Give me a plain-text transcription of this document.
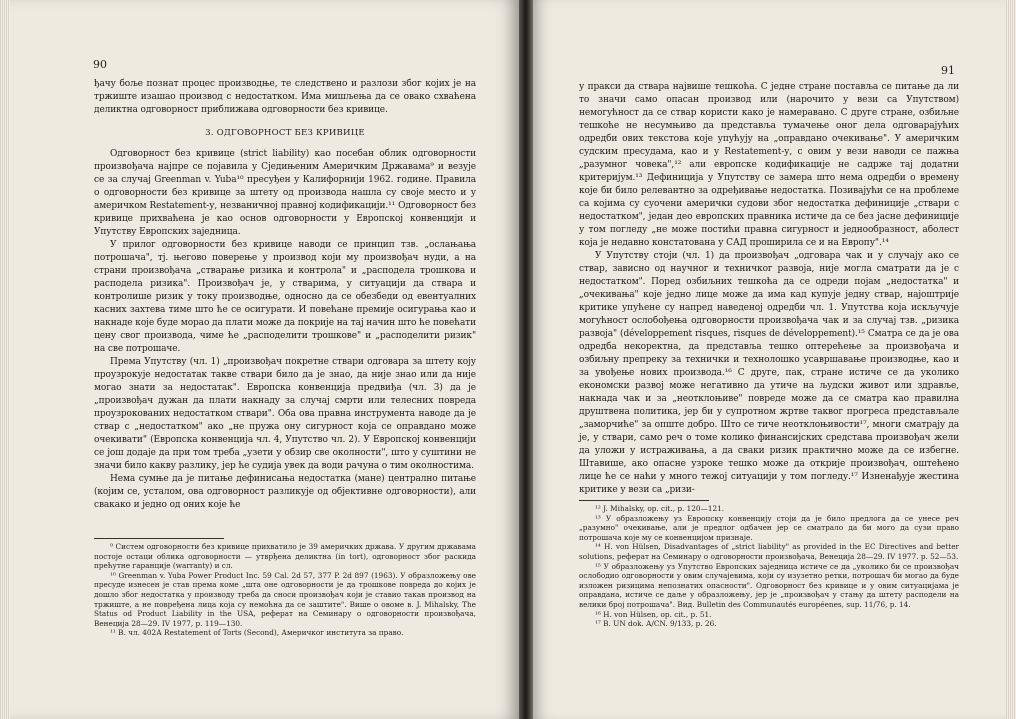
90

ђачу боље познат процес производње, те следствено и разлози због којих је на тржиште изашао производ с недостатком. Има мишљења да се овако схваћена деликтна одговорност приближава одговорности без кривице.

3. ОДГОВОРНОСТ БЕЗ КРИВИЦЕ

Одговорност без кривице (strict liability) као посебан облик одговорности произвођача најпре се појавила у Сједињеним Америчким Државама⁹ и везује се за случај Greenman v. Yuba¹⁰ пресуђен у Калифорнији 1962. године. Правила о одговорности без кривице за штету од производа нашла су своје место и у америчком Restatement-у, незваничној правној кодификацији.¹¹ Одговорност без кривице прихваћена је као основ одговорности у Европској конвенцији и Упутству Европских заједница.

У прилог одговорности без кривице наводи се принцип тзв. „ослањања потрошача", тј. његово поверење у производ који му произвођач нуди, а на страни произвођача „стварање ризика и контрола" и „расподела трошкова и расподела ризика". Произвођач је, у стварима, у ситуацији да ствара и контролише ризик у току производње, односно да се обезбеди од евентуалних касних захтева тиме што ће се осигурати. И повећане премије осигурања као и накнаде које буде морао да плати може да покрије на тај начин што ће повећати цену свог производа, чиме ће „расподелити трошкове" и „расподелити ризик" на све потрошаче.

Према Упутству (чл. 1) „произвођач покретне ствари одговара за штету коју проузрокује недостатак такве ствари било да је знао, да није знао или да није могао знати за недостатак". Европска конвенција предвиђа (чл. 3) да је „произвођач дужан да плати накнаду за случај смрти или телесних повреда проузрокованих недостатком ствари". Оба ова правна инструмента наводе да је ствар с „недостатком" ако „не пружа ону сигурност која се оправдано може очекивати" (Европска конвенција чл. 4, Упутство чл. 2). У Европској конвенцији се још додаје да при том треба „узети у обзир све околности", што у суштини не значи било какву разлику, јер ће судија увек да води рачуна о тим околностима.

Нема сумње да је питање дефинисања недостатка (мане) централно питање (којим се, усталом, ова одговорност разликује од објективне одговорности), али свакако и једно од оних које ће

⁹ Систем одговорности без кривице прихватило је 39 америчких држава. У другим државама постоје остаци облика одговорности — утврђена деликтна (in tort), одговорност због раскида прећутне гаранције (warranty) и сл.

¹⁰ Greenman v. Yuba Power Product Inc. 59 Cal. 2d 57, 377 P. 2d 897 (1963). У образложењу ове пресуде изнесен је став према коме „шта оне одговорности је да трошкове повреда до којих је дошло због недостатка у производу треба да сноси произвођач који је ставио такав производ на тржиште, а не повређена лица која су немоћна да се заштите". Више о овоме в. J. Mihalsky, The Status od Product Liability in the USA, реферат на Семинару о одговорности произвођача, Венеција 28—29. IV 1977, p. 119—130.

¹¹ В. чл. 402А Restatement of Torts (Second), Америчког института за право.

91

у пракси да ствара највише тешкоћа. С једне стране постављa се питање да ли то значи само опасан производ или (нарочито у вези са Упутством) немогућност да се ствар користи како је намеравано. С друге стране, озбиљне тешкоће не несумњиво да представља тумачење оног дела одговарајућих одредби ових текстова које упућују на „оправдано очекивање". У америчким судским пресудама, као и у Restatement-у, с овим у вези наводи се пажња „разумног човека",¹² али европске кодификације не садрже тај додатни критеријум.¹³ Дефиниција у Упутству се замера што нема одредби о времену које би било релевантно за одређивање недостатка. Позивајући се на проблеме са којима су суочени амерички судови због недостатка дефиниције „ствари с недостатком", један део европских правника истиче да се без јасне дефиниције у том погледу „не може постићи правна сигурност и једнообразност, аболест која је недавно констатована у САД проширила се и на Европу".¹⁴

У Упутству стоји (чл. 1) да произвођач „одговара чак и у случају ако се ствар, зависно од научног и техничког развоја, није могла сматрати да је с недостатком". Поред озбиљних тешкоћа да се одреди појам „недостатка" и „очекивања" које једно лице може да има кад купује једну ствар, најоштрије критике упућене су напред наведеној одредби чл. 1. Упутства која искључује могућност ослобођења одговорности произвођача чак и за случај тзв. „ризика развоја" (développement risques, risques de développement).¹⁵ Сматра се да је ова одредба некоректна, да представља тешко оптерећење за произвођача и озбиљну препреку за технички и технолошко усавршавање производње, као и за увођење нових производа.¹⁶ С друге, пак, стране истиче се да уколико економски развој може негативно да утиче на људски живот или здравље, накнада чак и за „неотклоњиве" повреде може да се сматра као правилна друштвена политика, јер би у супротном жртве таквог прогреса представљале „заморчиће" за опште добро. Што се тиче неотклоњивости¹⁷, многи сматрају да је, у ствари, само реч о томе колико финансијских средстава произвођач жели да уложи у истраживања, а да сваки ризик практично може да се избегне. Штавише, ако опасне узроке тешко може да открије произвођач, оштећено лице ће се наћи у много тежој ситуацији у том погледу.¹⁷ Изненађује жестина критике у вези са „ризи-

¹² J. Mihalsky, op. cit., p. 120—121.

¹³ У образложењу уз Европску конвенцију стоји да је било предлога да се унесе реч „разумно" очекивање, али је предлог одбачен јер се сматрало да би мого да сузи право потрошача које му се конвенцијом признаје.

¹⁴ H. von Hülsen, Disadvantages of „strict liability" as provided in the EC Directives and better solutions, реферат на Семинару о одговорности произвођача, Венеција 28—29. IV 1977. p. 52—53.

¹⁵ У образложењу уз Упутство Европских заједница истиче се да „уколико би се произвођач ослободио одговорности у овим случајевима, који су изузетно ретки, потрошач би могао да буде изложен ризицима непознатих опасности". Одговорност без кривице и у овим ситуацијама је оправдана, истиче се даље у образложењу, јер је „произвођач у стању да штету расподели на велики број потрошача". Вид. Bulletin des Communautés européenes, sup. 11/76, p. 14.

¹⁶ H. von Hülsen, op. cit., p. 51.

¹⁷ B. UN dok. A/CN. 9/133, p. 26.
